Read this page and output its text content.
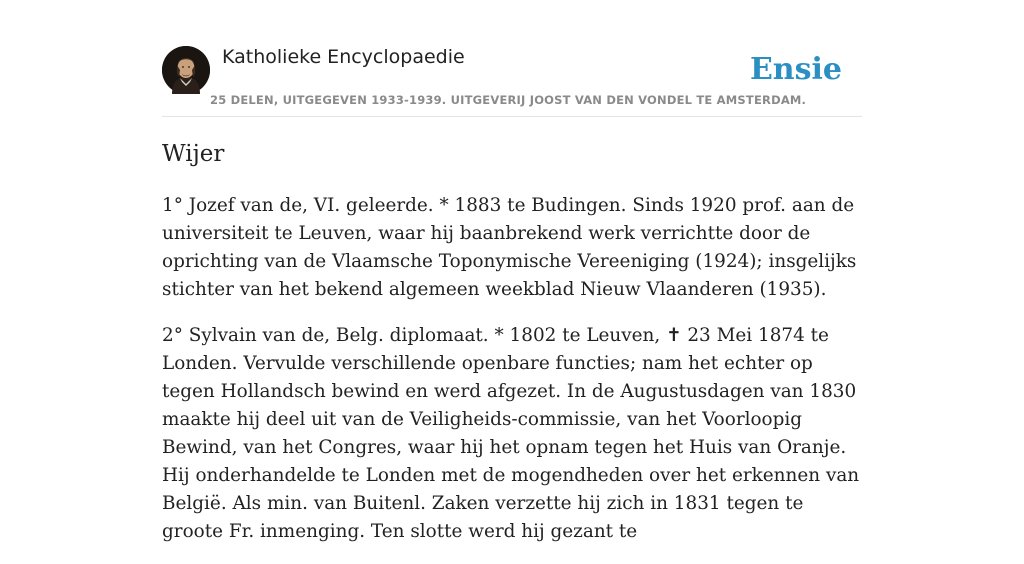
Katholieke Encyclopaedie
25 DELEN, UITGEGEVEN 1933-1939. UITGEVERIJ JOOST VAN DEN VONDEL TE AMSTERDAM.
Ensie
Wijer

1° Jozef van de, VI. geleerde. * 1883 te Budingen. Sinds 1920 prof. aan de universiteit te Leuven, waar hij baanbrekend werk verrichtte door de oprichting van de Vlaamsche Toponymische Vereeniging (1924); insgelijks stichter van het bekend algemeen weekblad Nieuw Vlaanderen (1935).

2° Sylvain van de, Belg. diplomaat. * 1802 te Leuven, ✝ 23 Mei 1874 te Londen. Vervulde verschillende openbare functies; nam het echter op tegen Hollandsch bewind en werd afgezet. In de Augustusdagen van 1830 maakte hij deel uit van de Veiligheids-commissie, van het Voorloopig Bewind, van het Congres, waar hij het opnam tegen het Huis van Oranje. Hij onderhandelde te Londen met de mogendheden over het erkennen van België. Als min. van Buitenl. Zaken verzette hij zich in 1831 tegen te groote Fr. inmenging. Ten slotte werd hij gezant te
